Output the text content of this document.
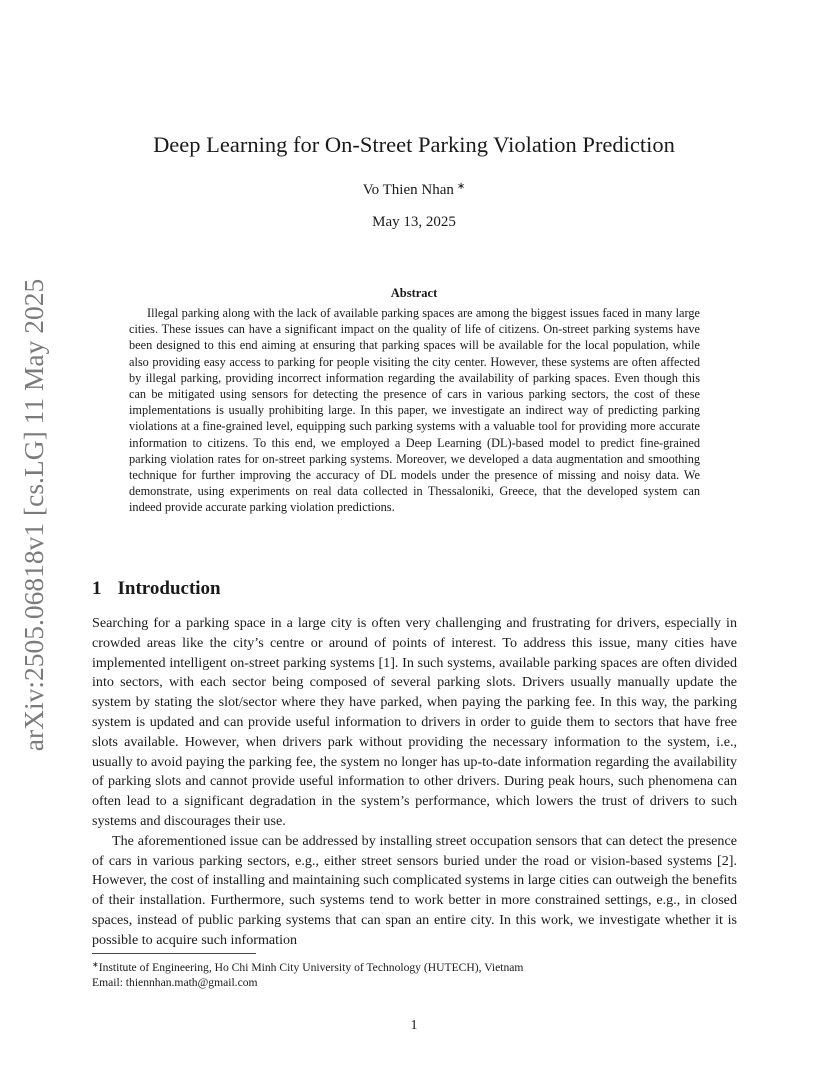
arXiv:2505.06818v1 [cs.LG] 11 May 2025
Deep Learning for On-Street Parking Violation Prediction
Vo Thien Nhan ∗
May 13, 2025
Abstract

Illegal parking along with the lack of available parking spaces are among the biggest issues faced in many large cities. These issues can have a significant impact on the quality of life of citizens. On-street parking systems have been designed to this end aiming at ensuring that parking spaces will be available for the local population, while also providing easy access to parking for people visiting the city center. However, these systems are often affected by illegal parking, providing incorrect information regarding the availability of parking spaces. Even though this can be mitigated using sensors for detecting the presence of cars in various parking sectors, the cost of these implementations is usually prohibiting large. In this paper, we investigate an indirect way of predicting parking violations at a fine-grained level, equipping such parking systems with a valuable tool for providing more accurate information to citizens. To this end, we employed a Deep Learning (DL)-based model to predict fine-grained parking violation rates for on-street parking systems. Moreover, we developed a data augmentation and smoothing technique for further improving the accuracy of DL models under the presence of missing and noisy data. We demonstrate, using experiments on real data collected in Thessaloniki, Greece, that the developed system can indeed provide accurate parking violation predictions.

1 Introduction

Searching for a parking space in a large city is often very challenging and frustrating for drivers, especially in crowded areas like the city’s centre or around of points of interest. To address this issue, many cities have implemented intelligent on-street parking systems [1]. In such systems, available parking spaces are often divided into sectors, with each sector being composed of several parking slots. Drivers usually manually update the system by stating the slot/sector where they have parked, when paying the parking fee. In this way, the parking system is updated and can provide useful information to drivers in order to guide them to sectors that have free slots available. However, when drivers park without providing the necessary information to the system, i.e., usually to avoid paying the parking fee, the system no longer has up-to-date information regarding the availability of parking slots and cannot provide useful information to other drivers. During peak hours, such phenomena can often lead to a significant degradation in the system’s performance, which lowers the trust of drivers to such systems and discourages their use.

The aforementioned issue can be addressed by installing street occupation sensors that can detect the presence of cars in various parking sectors, e.g., either street sensors buried under the road or vision-based systems [2]. However, the cost of installing and maintaining such complicated systems in large cities can outweigh the benefits of their installation. Furthermore, such systems tend to work better in more constrained settings, e.g., in closed spaces, instead of public parking systems that can span an entire city. In this work, we investigate whether it is possible to acquire such information

∗Institute of Engineering, Ho Chi Minh City University of Technology (HUTECH), Vietnam
Email: thiennhan.math@gmail.com
1
